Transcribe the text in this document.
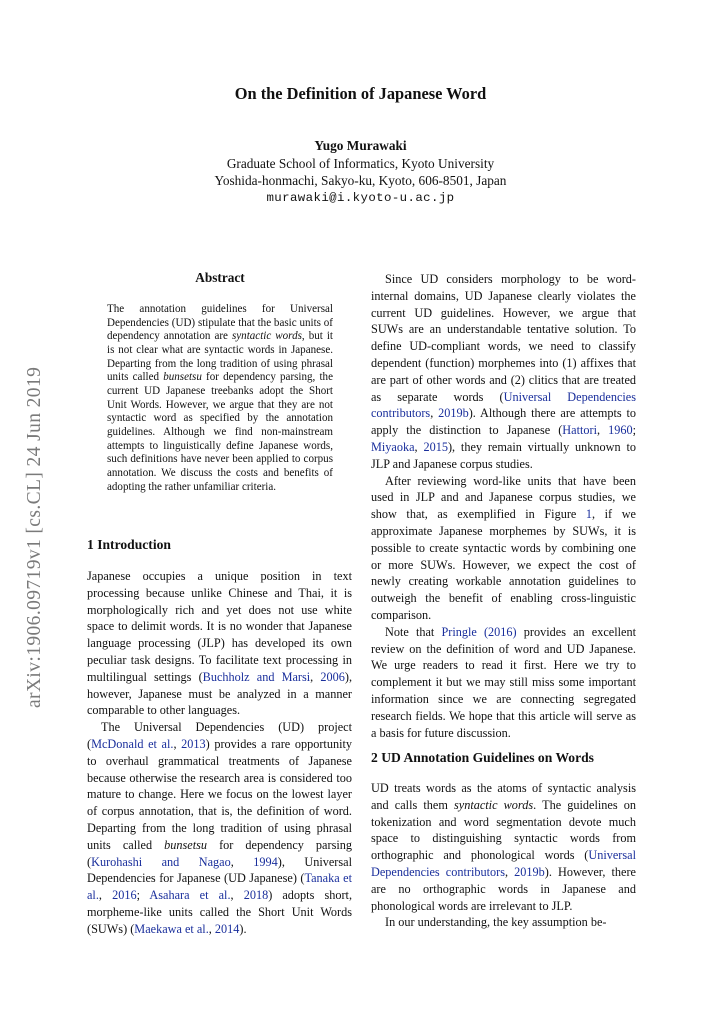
On the Definition of Japanese Word
Yugo Murawaki
Graduate School of Informatics, Kyoto University
Yoshida-honmachi, Sakyo-ku, Kyoto, 606-8501, Japan
murawaki@i.kyoto-u.ac.jp
arXiv:1906.09719v1 [cs.CL] 24 Jun 2019
Abstract
The annotation guidelines for Universal Dependencies (UD) stipulate that the basic units of dependency annotation are syntactic words, but it is not clear what are syntactic words in Japanese. Departing from the long tradition of using phrasal units called bunsetsu for dependency parsing, the current UD Japanese treebanks adopt the Short Unit Words. However, we argue that they are not syntactic word as specified by the annotation guidelines. Although we find non-mainstream attempts to linguistically define Japanese words, such definitions have never been applied to corpus annotation. We discuss the costs and benefits of adopting the rather unfamiliar criteria.
1 Introduction

Japanese occupies a unique position in text processing because unlike Chinese and Thai, it is morphologically rich and yet does not use white space to delimit words. It is no wonder that Japanese language processing (JLP) has developed its own peculiar task designs. To facilitate text processing in multilingual settings (Buchholz and Marsi, 2006), however, Japanese must be analyzed in a manner comparable to other languages.

The Universal Dependencies (UD) project (McDonald et al., 2013) provides a rare opportunity to overhaul grammatical treatments of Japanese because otherwise the research area is considered too mature to change. Here we focus on the lowest layer of corpus annotation, that is, the definition of word. Departing from the long tradition of using phrasal units called bunsetsu for dependency parsing (Kurohashi and Nagao, 1994), Universal Dependencies for Japanese (UD Japanese) (Tanaka et al., 2016; Asahara et al., 2018) adopts short, morpheme-like units called the Short Unit Words (SUWs) (Maekawa et al., 2014).

Since UD considers morphology to be word-internal domains, UD Japanese clearly violates the current UD guidelines. However, we argue that SUWs are an understandable tentative solution. To define UD-compliant words, we need to classify dependent (function) morphemes into (1) affixes that are part of other words and (2) clitics that are treated as separate words (Universal Dependencies contributors, 2019b). Although there are attempts to apply the distinction to Japanese (Hattori, 1960; Miyaoka, 2015), they remain virtually unknown to JLP and Japanese corpus studies.

After reviewing word-like units that have been used in JLP and and Japanese corpus studies, we show that, as exemplified in Figure 1, if we approximate Japanese morphemes by SUWs, it is possible to create syntactic words by combining one or more SUWs. However, we expect the cost of newly creating workable annotation guidelines to outweigh the benefit of enabling cross-linguistic comparison.

Note that Pringle (2016) provides an excellent review on the definition of word and UD Japanese. We urge readers to read it first. Here we try to complement it but we may still miss some important information since we are connecting segregated research fields. We hope that this article will serve as a basis for future discussion.

2 UD Annotation Guidelines on Words

UD treats words as the atoms of syntactic analysis and calls them syntactic words. The guidelines on tokenization and word segmentation devote much space to distinguishing syntactic words from orthographic and phonological words (Universal Dependencies contributors, 2019b). However, there are no orthographic words in Japanese and phonological words are irrelevant to JLP.

In our understanding, the key assumption be-
